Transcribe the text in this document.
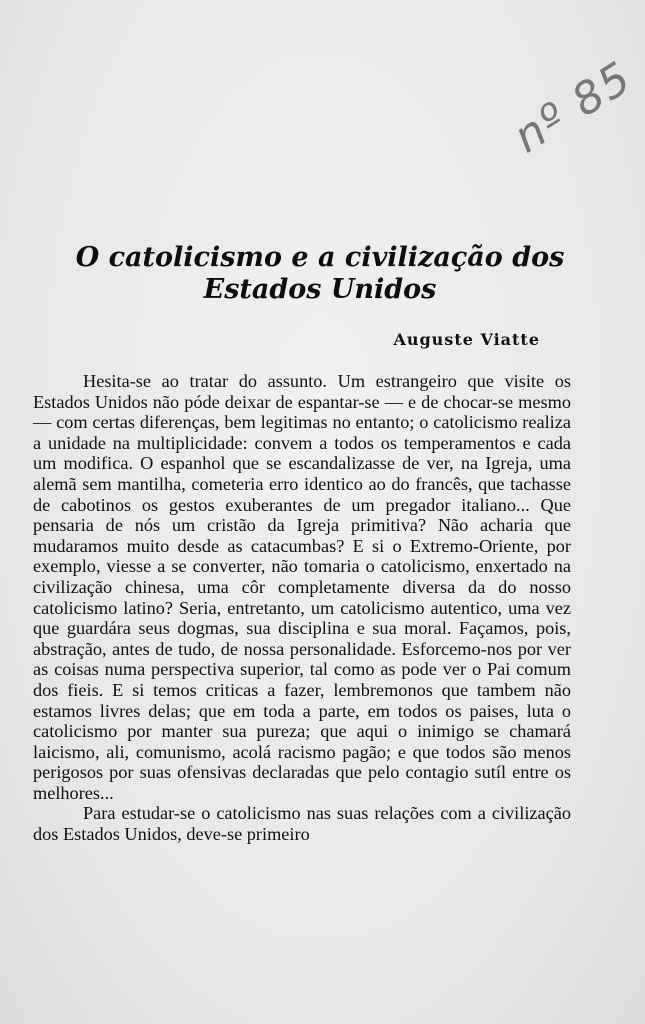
nº 85
O catolicismo e a civilização dos Estados Unidos
Auguste Viatte

Hesita-se ao tratar do assunto. Um estrangeiro que visite os Estados Unidos não póde deixar de espantar-se — e de chocar-se mesmo — com certas diferenças, bem legitimas no entanto; o catolicismo realiza a unidade na multiplicidade: convem a todos os temperamentos e cada um modifica. O espanhol que se escandalizasse de ver, na Igreja, uma alemã sem mantilha, cometeria erro identico ao do francês, que tachasse de cabotinos os gestos exuberantes de um pregador italiano... Que pensaria de nós um cristão da Igreja primitiva? Não acharia que mudaramos muito desde as catacumbas? E si o Extremo-Oriente, por exemplo, viesse a se converter, não tomaria o catolicismo, enxertado na civilização chinesa, uma côr completamente diversa da do nosso catolicismo latino? Seria, entretanto, um catolicismo autentico, uma vez que guardára seus dogmas, sua disciplina e sua moral. Façamos, pois, abstração, antes de tudo, de nossa personalidade. Esforcemo-nos por ver as coisas numa perspectiva superior, tal como as pode ver o Pai comum dos fieis. E si temos criticas a fazer, lembremonos que tambem não estamos livres delas; que em toda a parte, em todos os paises, luta o catolicismo por manter sua pureza; que aqui o inimigo se chamará laicismo, ali, comunismo, acolá racismo pagão; e que todos são menos perigosos por suas ofensivas declaradas que pelo contagio sutíl entre os melhores...

Para estudar-se o catolicismo nas suas relações com a civilização dos Estados Unidos, deve-se primeiro
